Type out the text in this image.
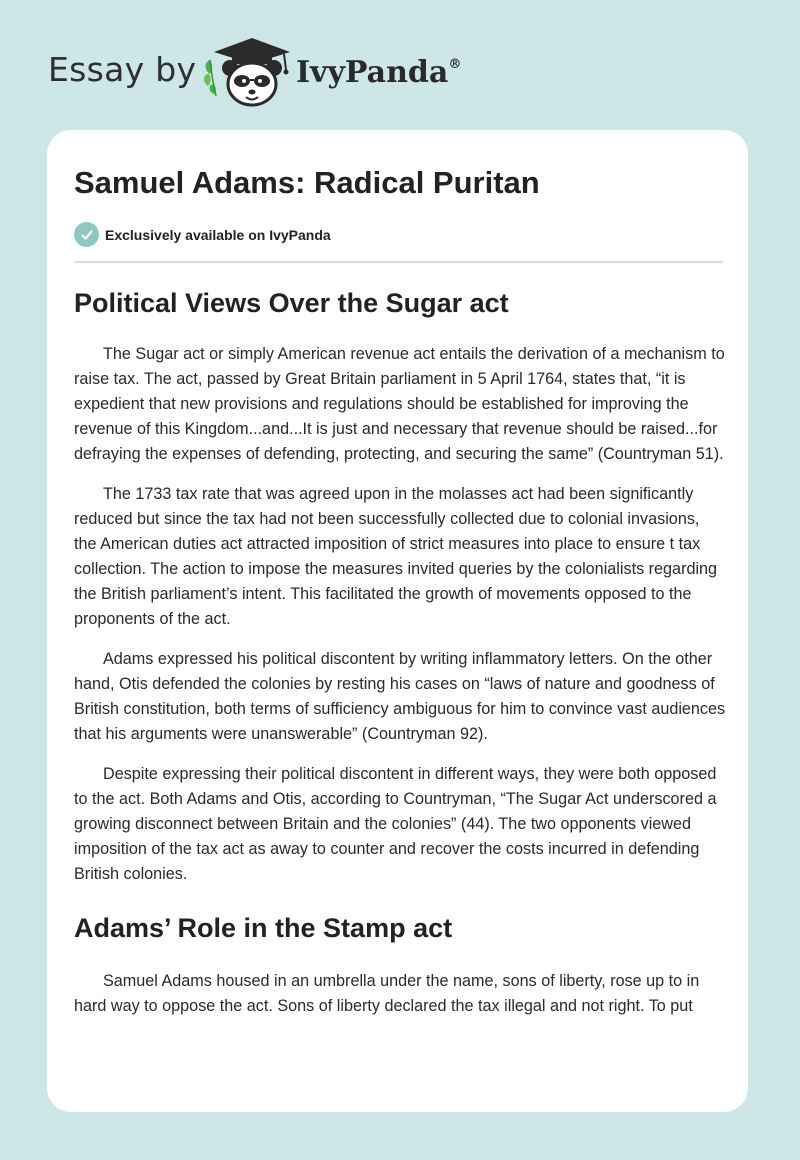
Essay by	IvyPanda®
Samuel Adams: Radical Puritan
Exclusively available on IvyPanda
Political Views Over the Sugar act

The Sugar act or simply American revenue act entails the derivation of a mechanism to raise tax. The act, passed by Great Britain parliament in 5 April 1764, states that, “it is expedient that new provisions and regulations should be established for improving the revenue of this Kingdom...and...It is just and necessary that revenue should be raised...for defraying the expenses of defending, protecting, and securing the same” (Countryman 51).

The 1733 tax rate that was agreed upon in the molasses act had been significantly reduced but since the tax had not been successfully collected due to colonial invasions, the American duties act attracted imposition of strict measures into place to ensure t tax collection. The action to impose the measures invited queries by the colonialists regarding the British parliament’s intent. This facilitated the growth of movements opposed to the proponents of the act.

Adams expressed his political discontent by writing inflammatory letters. On the other hand, Otis defended the colonies by resting his cases on “laws of nature and goodness of British constitution, both terms of sufficiency ambiguous for him to convince vast audiences that his arguments were unanswerable” (Countryman 92).

Despite expressing their political discontent in different ways, they were both opposed to the act. Both Adams and Otis, according to Countryman, “The Sugar Act underscored a growing disconnect between Britain and the colonies” (44). The two opponents viewed imposition of the tax act as away to counter and recover the costs incurred in defending British colonies.

Adams’ Role in the Stamp act

Samuel Adams housed in an umbrella under the name, sons of liberty, rose up to in hard way to oppose the act. Sons of liberty declared the tax illegal and not right. To put
